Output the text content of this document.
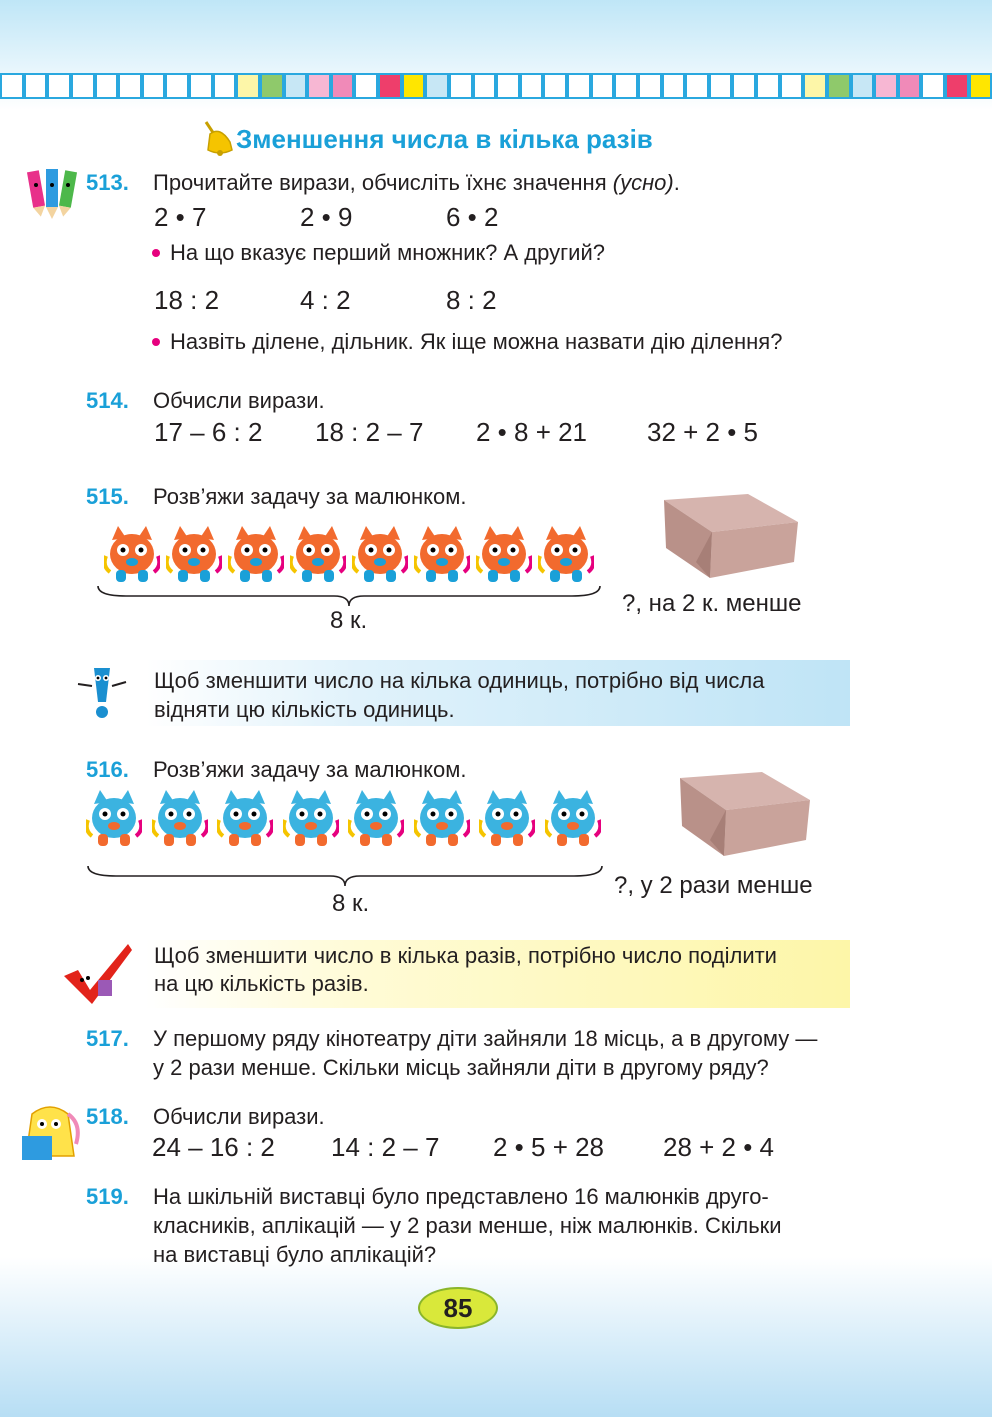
Зменшення числа в кілька разів
513. Прочитайте вирази, обчисліть їхнє значення (усно).
2 • 7	2 • 9	6 • 2
На що вказує перший множник? А другий?
18 : 2	4 : 2	8 : 2
Назвіть ділене, дільник. Як іще можна назвати дію ділення?
514. Обчисли вирази.
17 – 6 : 2 18 : 2 – 7 2 • 8 + 21 32 + 2 • 5
515. Розв’яжи задачу за малюнком.
8 к.
?, на 2 к. менше
Щоб зменшити число на кілька одиниць, потрібно від числа
відняти цю кількість одиниць.
516. Розв’яжи задачу за малюнком.
8 к.
?, у 2 рази менше
Щоб зменшити число в кілька разів, потрібно число поділити
на цю кількість разів.
517. У першому ряду кінотеатру діти зайняли 18 місць, а в другому —
у 2 рази менше. Скільки місць зайняли діти в другому ряду?
518. Обчисли вирази.
24 – 16 : 2 14 : 2 – 7 2 • 5 + 28 28 + 2 • 4
519. На шкільній виставці було представлено 16 малюнків друго-
класників, аплікацій — у 2 рази менше, ніж малюнків. Скільки
на виставці було аплікацій?
85
